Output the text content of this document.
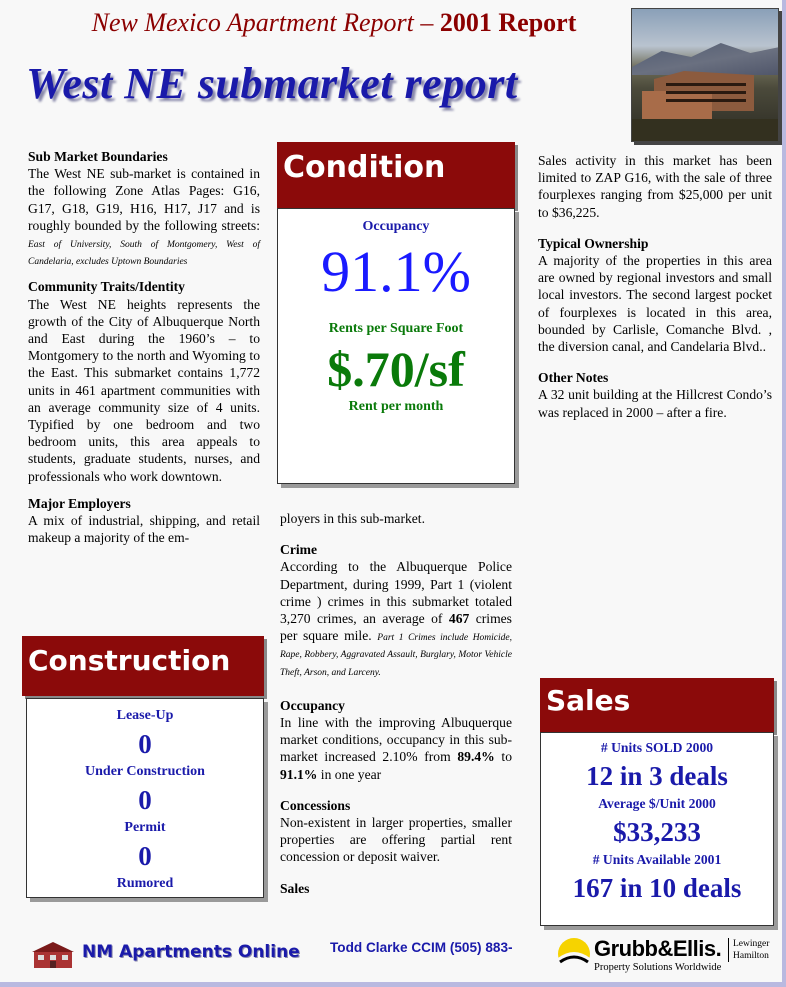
New Mexico Apartment Report – 2001 Report
West NE submarket report
Sub Market Boundaries

The West NE sub-market is contained in the following Zone Atlas Pages: G16, G17, G18, G19, H16, H17, J17 and is roughly bounded by the following streets: East of University, South of Montgomery, West of Candelaria, excludes Uptown Boundaries

Community Traits/Identity

The West NE heights represents the growth of the City of Albuquerque North and East during the 1960’s – to Montgomery to the north and Wyoming to the East. This submarket contains 1,772 units in 461 apartment communities with an average community size of 4 units. Typified by one bedroom and two bedroom units, this area appeals to students, graduate students, nurses, and professionals who work downtown.

Major Employers

A mix of industrial, shipping, and retail makeup a majority of the em-

Condition
Occupancy
91.1%
Rents per Square Foot
$.70/sf
Rent per month

ployers in this sub-market.

Crime

According to the Albuquerque Police Department, during 1999, Part 1 (violent crime ) crimes in this submarket totaled 3,270 crimes, an average of 467 crimes per square mile. Part 1 Crimes include Homicide, Rape, Robbery, Aggravated Assault, Burglary, Motor Vehicle Theft, Arson, and Larceny.

Occupancy

In line with the improving Albuquerque market conditions, occupancy in this sub-market increased 2.10% from 89.4% to 91.1% in one year

Concessions

Non-existent in larger properties, smaller properties are offering partial rent concession or deposit waiver.

Sales

Sales activity in this market has been limited to ZAP G16, with the sale of three fourplexes ranging from $25,000 per unit to $36,225.

Typical Ownership

A majority of the properties in this area are owned by regional investors and small local investors. The second largest pocket of fourplexes is located in this area, bounded by Carlisle, Comanche Blvd. , the diversion canal, and Candelaria Blvd..

Other Notes

A 32 unit building at the Hillcrest Condo’s was replaced in 2000 – after a fire.

Construction
Lease-Up
0
Under Construction
0
Permit
0
Rumored
Sales
# Units SOLD 2000
12 in 3 deals
Average $/Unit 2000
$33,233
# Units Available 2001
167 in 10 deals
NM Apartments Online Todd Clarke CCIM (505) 883-	Grubb&Ellis.
Property Solutions Worldwide
Lewinger
Hamilton
